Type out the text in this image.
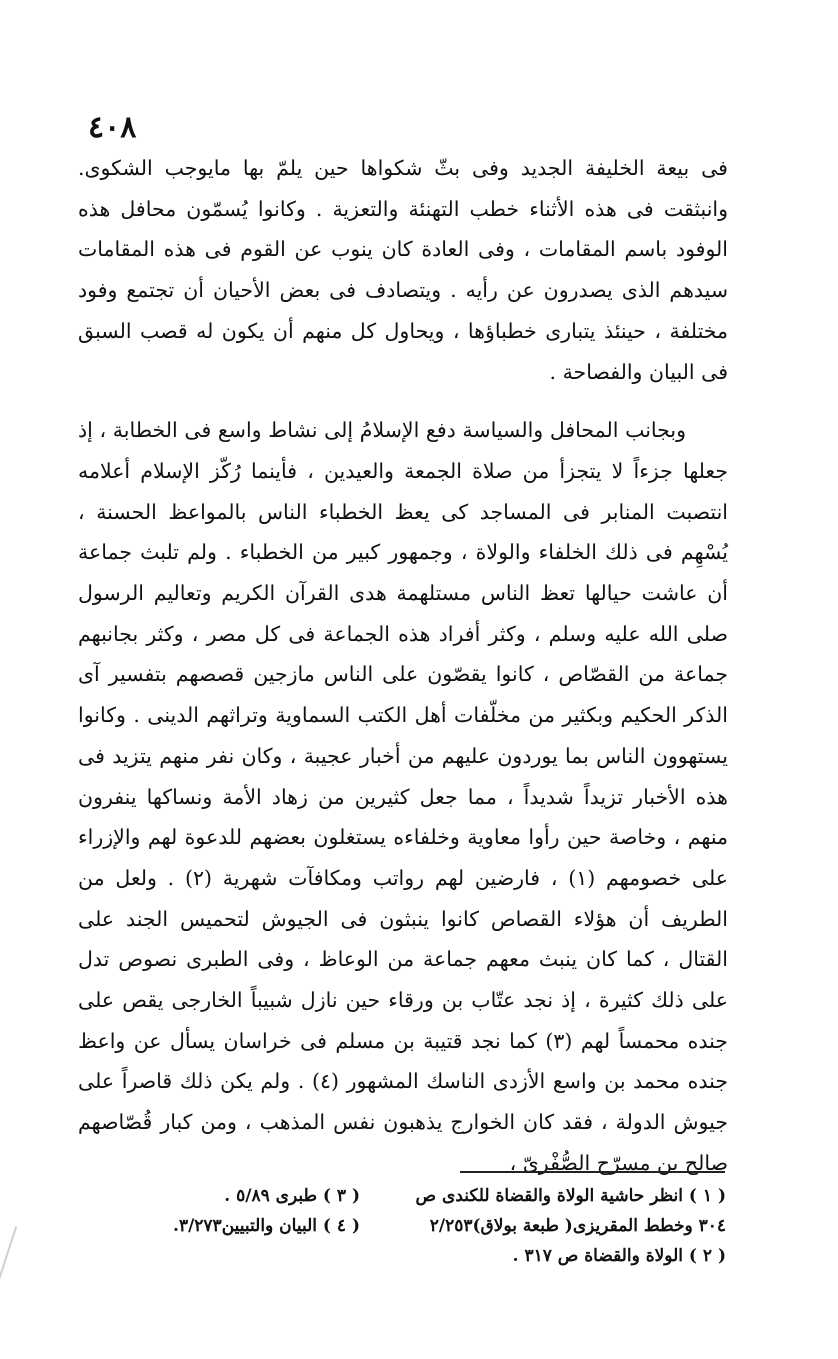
٤٠٨

فى بيعة الخليفة الجديد وفى بثّ شكواها حين يلمّ بها مايوجب الشكوى. وانبثقت فى هذه الأثناء خطب التهنئة والتعزية . وكانوا يُسمّون محافل هذه الوفود باسم المقامات ، وفى العادة كان ينوب عن القوم فى هذه المقامات سيدهم الذى يصدرون عن رأيه . ويتصادف فى بعض الأحيان أن تجتمع وفود مختلفة ، حينئذ يتبارى خطباؤها ، ويحاول كل منهم أن يكون له قصب السبق فى البيان والفصاحة .

وبجانب المحافل والسياسة دفع الإسلامُ إلى نشاط واسع فى الخطابة ، إذ جعلها جزءاً لا يتجزأ من صلاة الجمعة والعيدين ، فأينما رُكّز الإسلام أعلامه انتصبت المنابر فى المساجد كى يعظ الخطباء الناس بالمواعظ الحسنة ، يُسْهِم فى ذلك الخلفاء والولاة ، وجمهور كبير من الخطباء . ولم تلبث جماعة أن عاشت حيالها تعظ الناس مستلهمة هدى القرآن الكريم وتعاليم الرسول صلى الله عليه وسلم ، وكثر أفراد هذه الجماعة فى كل مصر ، وكثر بجانبهم جماعة من القصّاص ، كانوا يقصّون على الناس مازجين قصصهم بتفسير آى الذكر الحكيم وبكثير من مخلّفات أهل الكتب السماوية وتراثهم الدينى . وكانوا يستهوون الناس بما يوردون عليهم من أخبار عجيبة ، وكان نفر منهم يتزيد فى هذه الأخبار تزيداً شديداً ، مما جعل كثيرين من زهاد الأمة ونساكها ينفرون منهم ، وخاصة حين رأوا معاوية وخلفاءه يستغلون بعضهم للدعوة لهم والإزراء على خصومهم (١) ، فارضين لهم رواتب ومكافآت شهرية (٢) . ولعل من الطريف أن هؤلاء القصاص كانوا ينبثون فى الجيوش لتحميس الجند على القتال ، كما كان ينبث معهم جماعة من الوعاظ ، وفى الطبرى نصوص تدل على ذلك كثيرة ، إذ نجد عتّاب بن ورقاء حين نازل شبيباً الخارجى يقص على جنده محمساً لهم (٣) كما نجد قتيبة بن مسلم فى خراسان يسأل عن واعظ جنده محمد بن واسع الأزدى الناسك المشهور (٤) . ولم يكن ذلك قاصراً على جيوش الدولة ، فقد كان الخوارج يذهبون نفس المذهب ، ومن كبار قُصّاصهم صالح بن مسرّح الصُّفْرىّ ،

( ١ ) انظر حاشية الولاة والقضاة للكندى ص

٣٠٤ وخطط المقريزى( طبعة بولاق)٢/٢٥٣

( ٢ ) الولاة والقضاة ص ٣١٧ .

( ٣ ) طبرى ٥/٨٩ .

( ٤ ) البيان والتبيين٣/٢٧٣.
